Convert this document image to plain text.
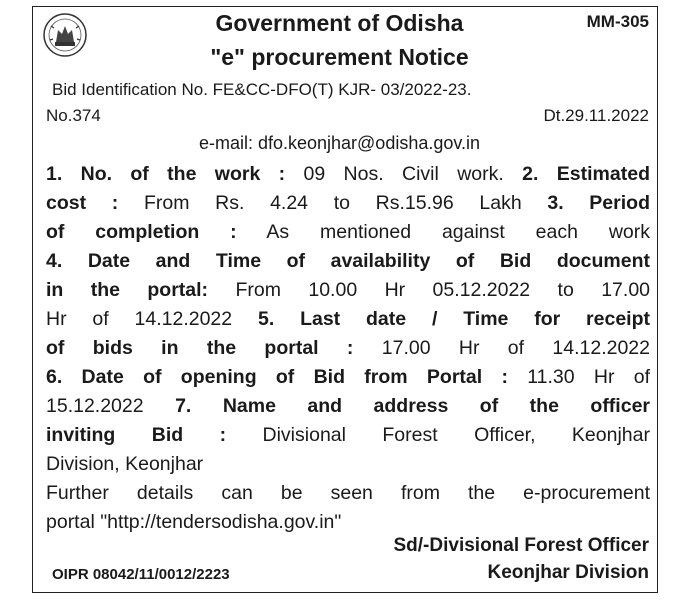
Government of Odisha
"e" procurement Notice
MM-305
Bid Identification No. FE&CC-DFO(T) KJR- 03/2022-23.
No.374	Dt.29.11.2022
e-mail: dfo.keonjhar@odisha.gov.in
1. No. of the work : 09 Nos. Civil work. 2. Estimated
cost : From Rs. 4.24 to Rs.15.96 Lakh 3. Period
of completion : As mentioned against each work
4. Date and Time of availability of Bid document
in the portal: From 10.00 Hr 05.12.2022 to 17.00
Hr of 14.12.2022 5. Last date / Time for receipt
of bids in the portal : 17.00 Hr of 14.12.2022
6. Date of opening of Bid from Portal : 11.30 Hr of
15.12.2022 7. Name and address of the officer
inviting Bid : Divisional Forest Officer, Keonjhar
Division, Keonjhar
Further details can be seen from the e-procurement
portal "http://tendersodisha.gov.in"
Sd/-Divisional Forest Officer
OIPR 08042/11/0012/2223	Keonjhar Division
